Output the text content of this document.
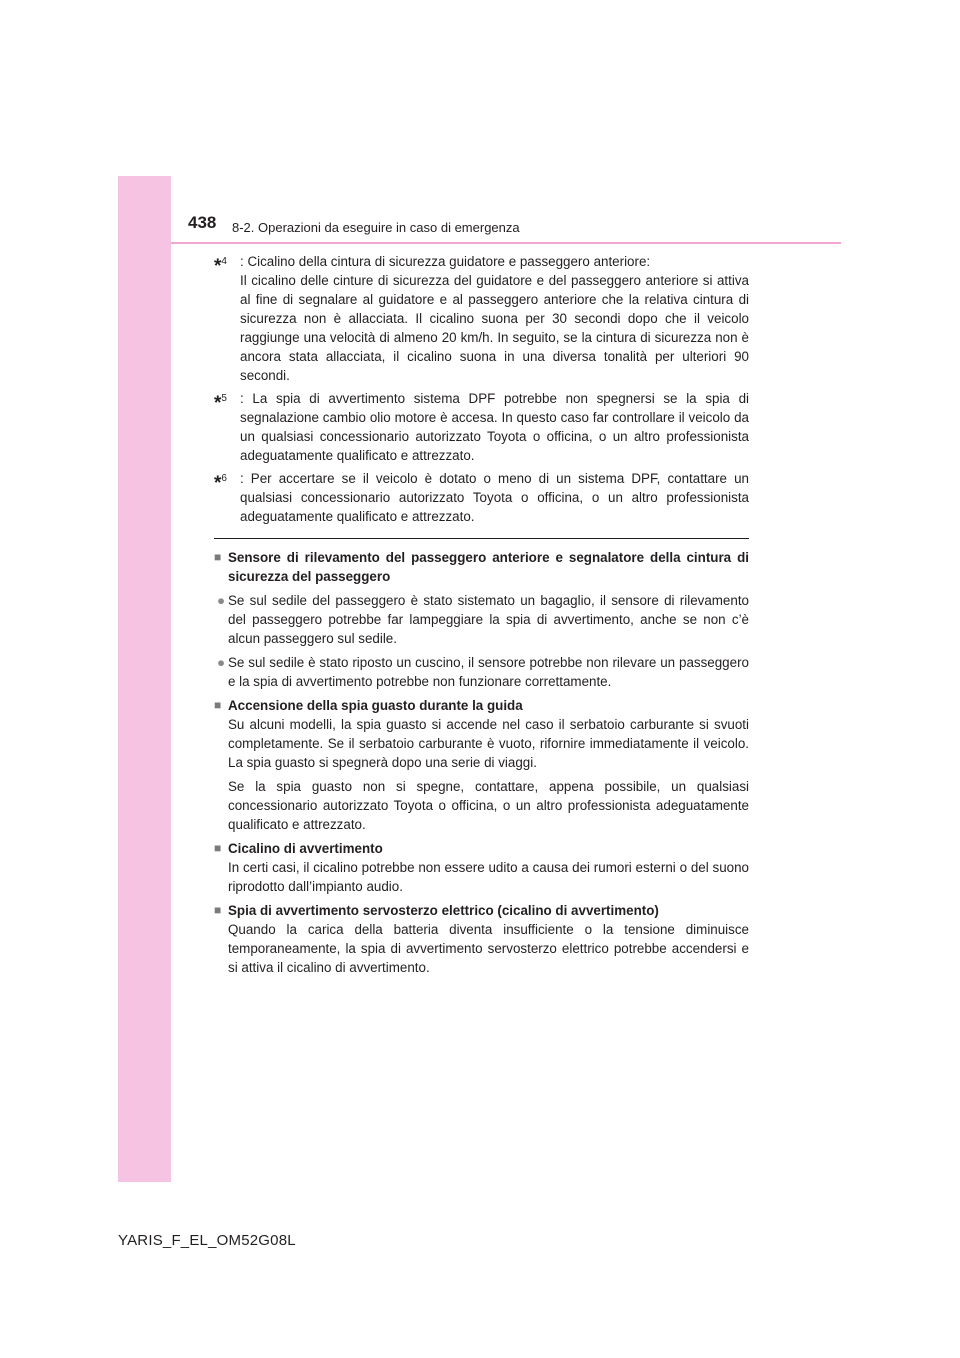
438 8-2. Operazioni da eseguire in caso di emergenza
*$^4$ : Cicalino della cintura di sicurezza guidatore e passeggero anteriore:

Il cicalino delle cinture di sicurezza del guidatore e del passeggero anteriore si attiva al fine di segnalare al guidatore e al passeggero anteriore che la relativa cintura di sicurezza non è allacciata. Il cicalino suona per 30 secondi dopo che il veicolo raggiunge una velocità di almeno 20 km/h. In seguito, se la cintura di sicurezza non è ancora stata allacciata, il cicalino suona in una diversa tonalità per ulteriori 90 secondi.

*$^5$ : La spia di avvertimento sistema DPF potrebbe non spegnersi se la spia di segnalazione cambio olio motore è accesa. In questo caso far controllare il veicolo da un qualsiasi concessionario autorizzato Toyota o officina, o un altro professionista adeguatamente qualificato e attrezzato.

*$^6$ : Per accertare se il veicolo è dotato o meno di un sistema DPF, contattare un qualsiasi concessionario autorizzato Toyota o officina, o un altro professionista adeguatamente qualificato e attrezzato.

■ Sensore di rilevamento del passeggero anteriore e segnalatore della cintura di sicurezza del passeggero
● Se sul sedile del passeggero è stato sistemato un bagaglio, il sensore di rilevamento del passeggero potrebbe far lampeggiare la spia di avvertimento, anche se non c’è alcun passeggero sul sedile.
● Se sul sedile è stato riposto un cuscino, il sensore potrebbe non rilevare un passeggero e la spia di avvertimento potrebbe non funzionare correttamente.
■ Accensione della spia guasto durante la guida

Su alcuni modelli, la spia guasto si accende nel caso il serbatoio carburante si svuoti completamente. Se il serbatoio carburante è vuoto, rifornire immediatamente il veicolo. La spia guasto si spegnerà dopo una serie di viaggi.

Se la spia guasto non si spegne, contattare, appena possibile, un qualsiasi concessionario autorizzato Toyota o officina, o un altro professionista adeguatamente qualificato e attrezzato.

■ Cicalino di avvertimento

In certi casi, il cicalino potrebbe non essere udito a causa dei rumori esterni o del suono riprodotto dall’impianto audio.

■ Spia di avvertimento servosterzo elettrico (cicalino di avvertimento)

Quando la carica della batteria diventa insufficiente o la tensione diminuisce temporaneamente, la spia di avvertimento servosterzo elettrico potrebbe accendersi e si attiva il cicalino di avvertimento.

YARIS_F_EL_OM52G08L
